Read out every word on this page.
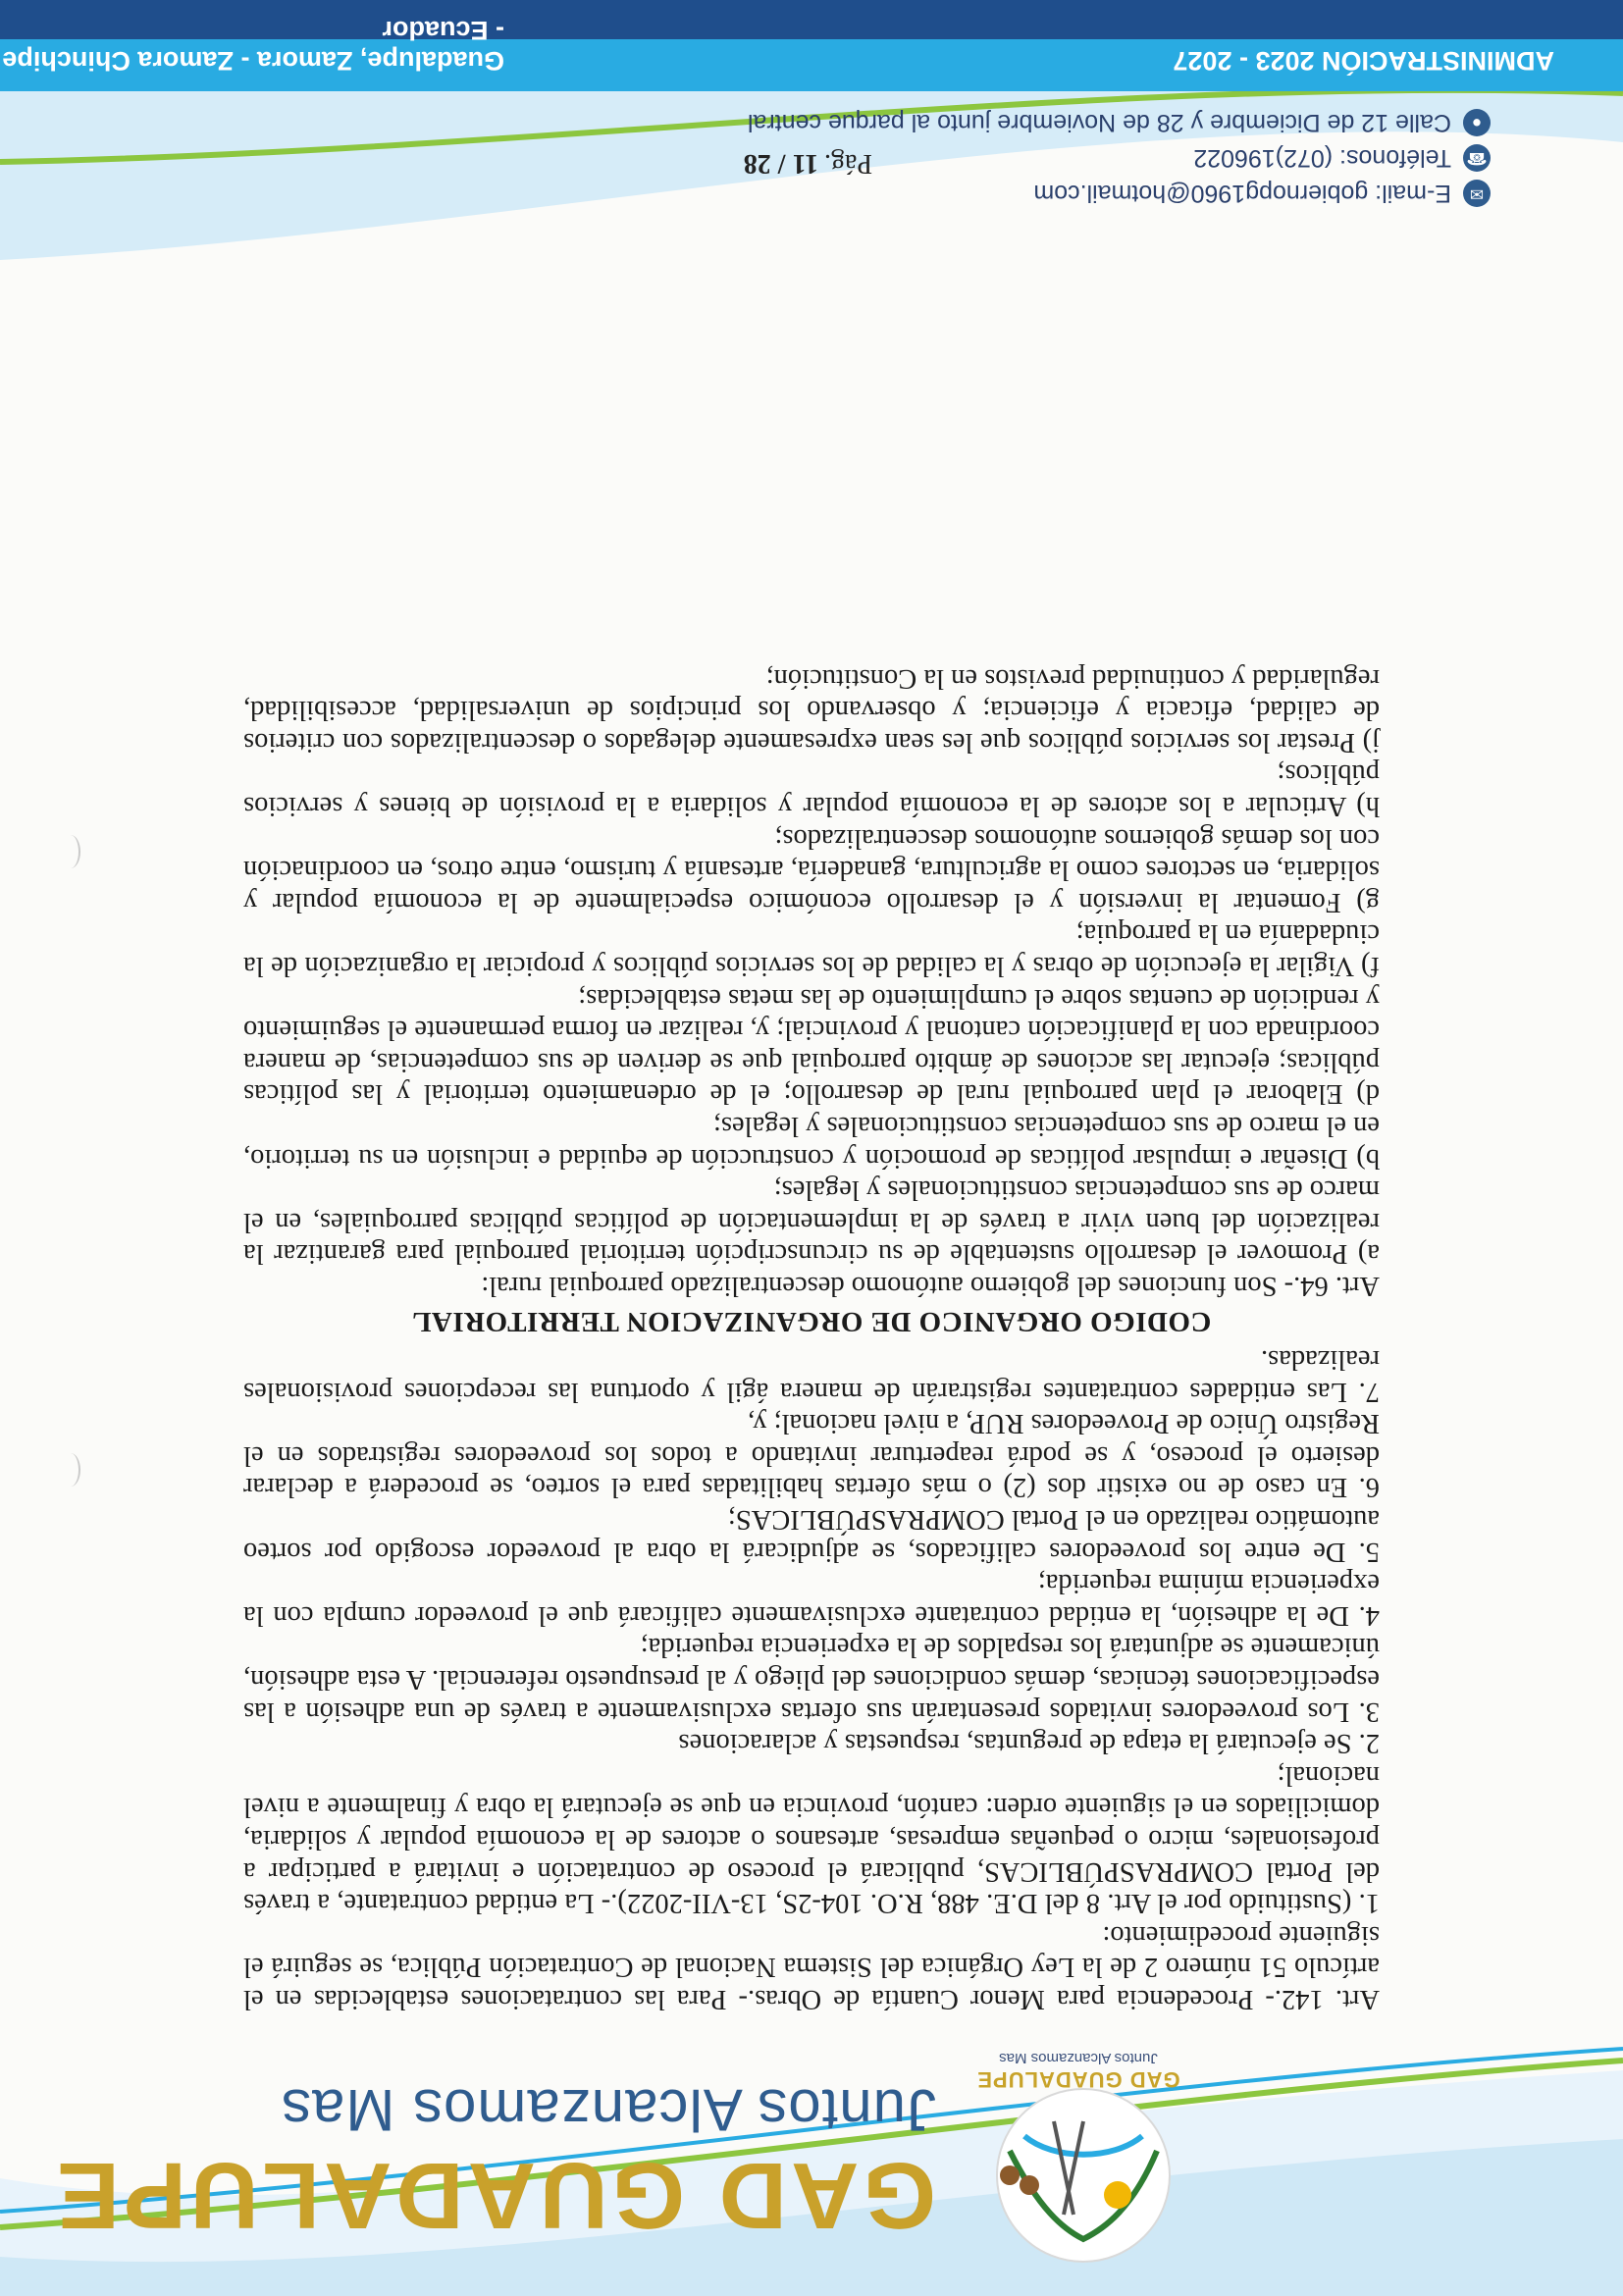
GAD GUADALUPE
Juntos Alcanzamos Mas
GAD GUADALUPE
Juntos Alcanzamos Mas

Art. 142.- Procedencia para Menor Cuantía de Obras.- Para las contrataciones establecidas en el artículo 51 número 2 de la Ley Orgánica del Sistema Nacional de Contratación Pública, se seguirá el siguiente procedimiento:

1. (Sustituido por el Art. 8 del D.E. 488, R.O. 104-2S, 13-VII-2022).- La entidad contratante, a través del Portal COMPRASPÚBLICAS, publicará el proceso de contratación e invitará a participar a profesionales, micro o pequeñas empresas, artesanos o actores de la economía popular y solidaria, domiciliados en el siguiente orden: cantón, provincia en que se ejecutará la obra y finalmente a nivel nacional;

2. Se ejecutará la etapa de preguntas, respuestas y aclaraciones

3. Los proveedores invitados presentarán sus ofertas exclusivamente a través de una adhesión a las especificaciones técnicas, demás condiciones del pliego y al presupuesto referencial. A esta adhesión, únicamente se adjuntará los respaldos de la experiencia requerida;

4. De la adhesión, la entidad contratante exclusivamente calificará que el proveedor cumpla con la experiencia mínima requerida;

5. De entre los proveedores calificados, se adjudicará la obra al proveedor escogido por sorteo automático realizado en el Portal COMPRASPÚBLICAS;

6. En caso de no existir dos (2) o más ofertas habilitadas para el sorteo, se procederá a declarar desierto el proceso, y se podrá reaperturar invitando a todos los proveedores registrados en el Registro Único de Proveedores RUP, a nivel nacional; y,

7. Las entidades contratantes registrarán de manera ágil y oportuna las recepciones provisionales realizadas.

CODIGO ORGANICO DE ORGANIZACION TERRITORIAL

Art. 64.- Son funciones del gobierno autónomo descentralizado parroquial rural:

a) Promover el desarrollo sustentable de su circunscripción territorial parroquial para garantizar la realización del buen vivir a través de la implementación de políticas públicas parroquiales, en el marco de sus competencias constitucionales y legales;

b) Diseñar e impulsar políticas de promoción y construcción de equidad e inclusión en su territorio, en el marco de sus competencias constitucionales y legales;

d) Elaborar el plan parroquial rural de desarrollo; el de ordenamiento territorial y las políticas públicas; ejecutar las acciones de ámbito parroquial que se deriven de sus competencias, de manera coordinada con la planificación cantonal y provincial; y, realizar en forma permanente el seguimiento y rendición de cuentas sobre el cumplimiento de las metas establecidas;

f) Vigilar la ejecución de obras y la calidad de los servicios públicos y propiciar la organización de la ciudadanía en la parroquia;

g) Fomentar la inversión y el desarrollo económico especialmente de la economía popular y solidaria, en sectores como la agricultura, ganadería, artesanía y turismo, entre otros, en coordinación con los demás gobiernos autónomos descentralizados;

h) Articular a los actores de la economía popular y solidaria a la provisión de bienes y servicios públicos;

j) Prestar los servicios públicos que les sean expresamente delegados o descentralizados con criterios de calidad, eficacia y eficiencia; y observando los principios de universalidad, accesibilidad, regularidad y continuidad previstos en la Constitución;

✉
E-mail: gobiernopg1960@hotmail.com
☎
Teléfonos: (072)196022
●
Calle 12 de Diciembre y 28 de Noviembre junto al parque central
Pág.11 / 28
ADMINISTRACIÓN 2023 - 2027
Guadalupe, Zamora - Zamora Chinchipe - Ecuador
